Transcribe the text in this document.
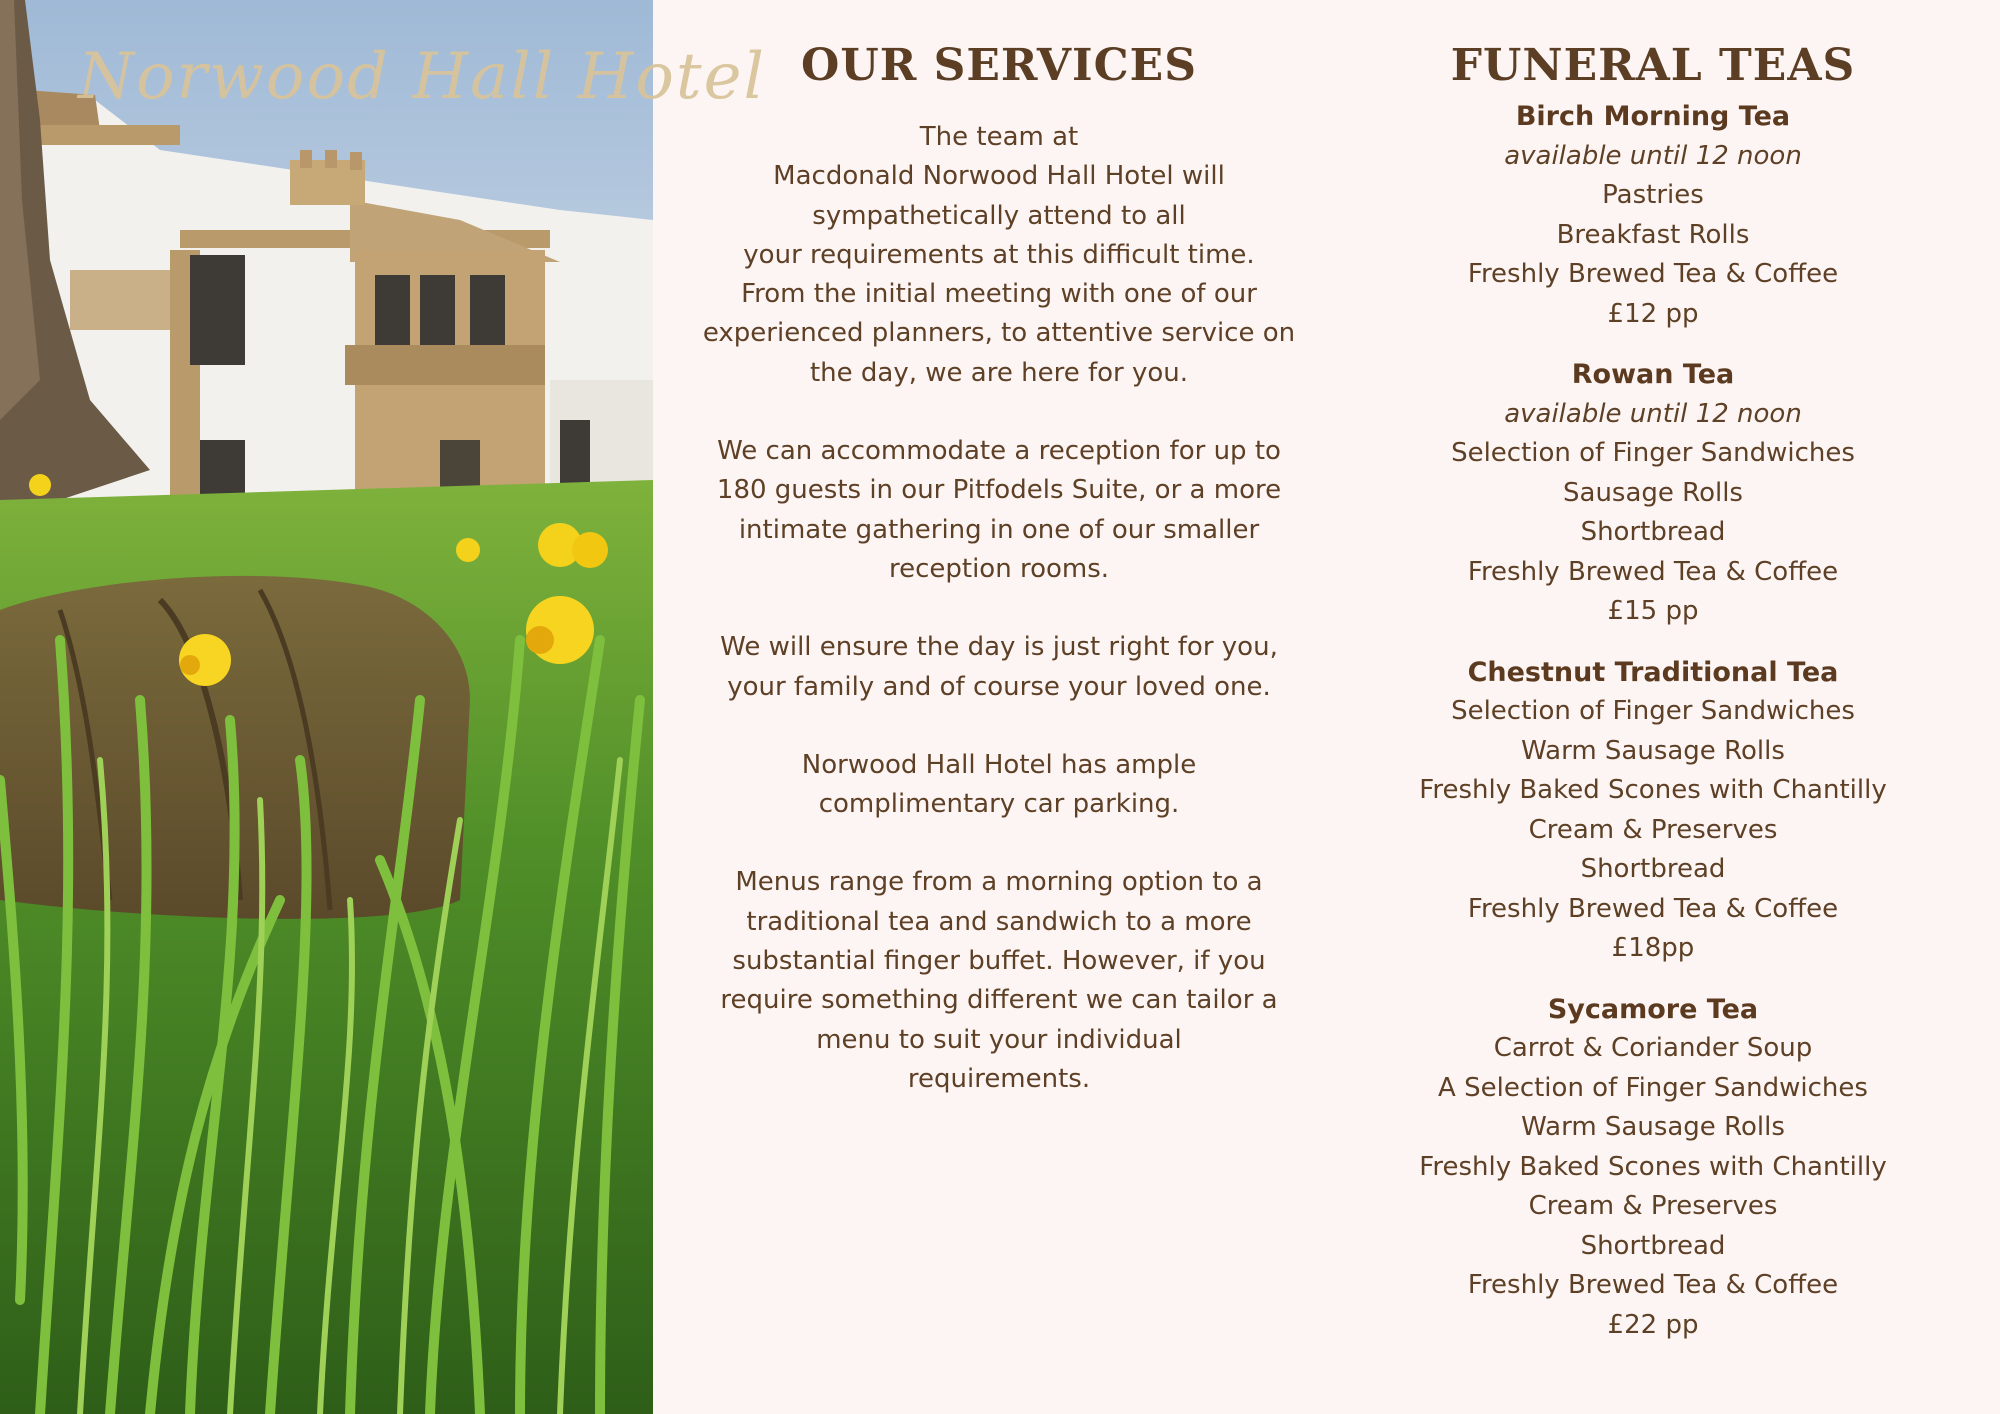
Norwood Hall Hotel OUR SERVICES
The team at
Macdonald Norwood Hall Hotel will
sympathetically attend to all
your requirements at this difficult time.
From the initial meeting with one of our
experienced planners, to attentive service on
the day, we are here for you.
We can accommodate a reception for up to
180 guests in our Pitfodels Suite, or a more
intimate gathering in one of our smaller
reception rooms.
We will ensure the day is just right for you,
your family and of course your loved one.
Norwood Hall Hotel has ample
complimentary car parking.
Menus range from a morning option to a
traditional tea and sandwich to a more
substantial finger buffet. However, if you
require something different we can tailor a
menu to suit your individual
requirements.
FUNERAL TEAS
Birch Morning Tea
available until 12 noon
Pastries
Breakfast Rolls
Freshly Brewed Tea & Coffee
£12 pp
Rowan Tea
available until 12 noon
Selection of Finger Sandwiches
Sausage Rolls
Shortbread
Freshly Brewed Tea & Coffee
£15 pp
Chestnut Traditional Tea
Selection of Finger Sandwiches
Warm Sausage Rolls
Freshly Baked Scones with Chantilly
Cream & Preserves
Shortbread
Freshly Brewed Tea & Coffee
£18pp
Sycamore Tea
Carrot & Coriander Soup
A Selection of Finger Sandwiches
Warm Sausage Rolls
Freshly Baked Scones with Chantilly
Cream & Preserves
Shortbread
Freshly Brewed Tea & Coffee
£22 pp
